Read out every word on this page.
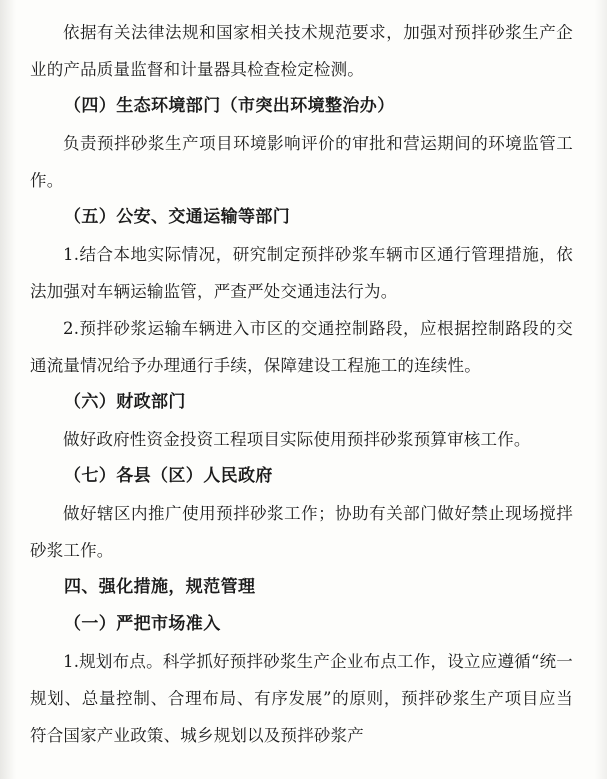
依据有关法律法规和国家相关技术规范要求，加强对预拌砂浆生产企业的产品质量监督和计量器具检查检定检测。

（四）生态环境部门（市突出环境整治办）

负责预拌砂浆生产项目环境影响评价的审批和营运期间的环境监管工作。

（五）公安、交通运输等部门

1.结合本地实际情况，研究制定预拌砂浆车辆市区通行管理措施，依法加强对车辆运输监管，严查严处交通违法行为。

2.预拌砂浆运输车辆进入市区的交通控制路段，应根据控制路段的交通流量情况给予办理通行手续，保障建设工程施工的连续性。

（六）财政部门

做好政府性资金投资工程项目实际使用预拌砂浆预算审核工作。

（七）各县（区）人民政府

做好辖区内推广使用预拌砂浆工作；协助有关部门做好禁止现场搅拌砂浆工作。

四、强化措施，规范管理

（一）严把市场准入

1.规划布点。科学抓好预拌砂浆生产企业布点工作，设立应遵循“统一规划、总量控制、合理布局、有序发展”的原则，预拌砂浆生产项目应当符合国家产业政策、城乡规划以及预拌砂浆产
